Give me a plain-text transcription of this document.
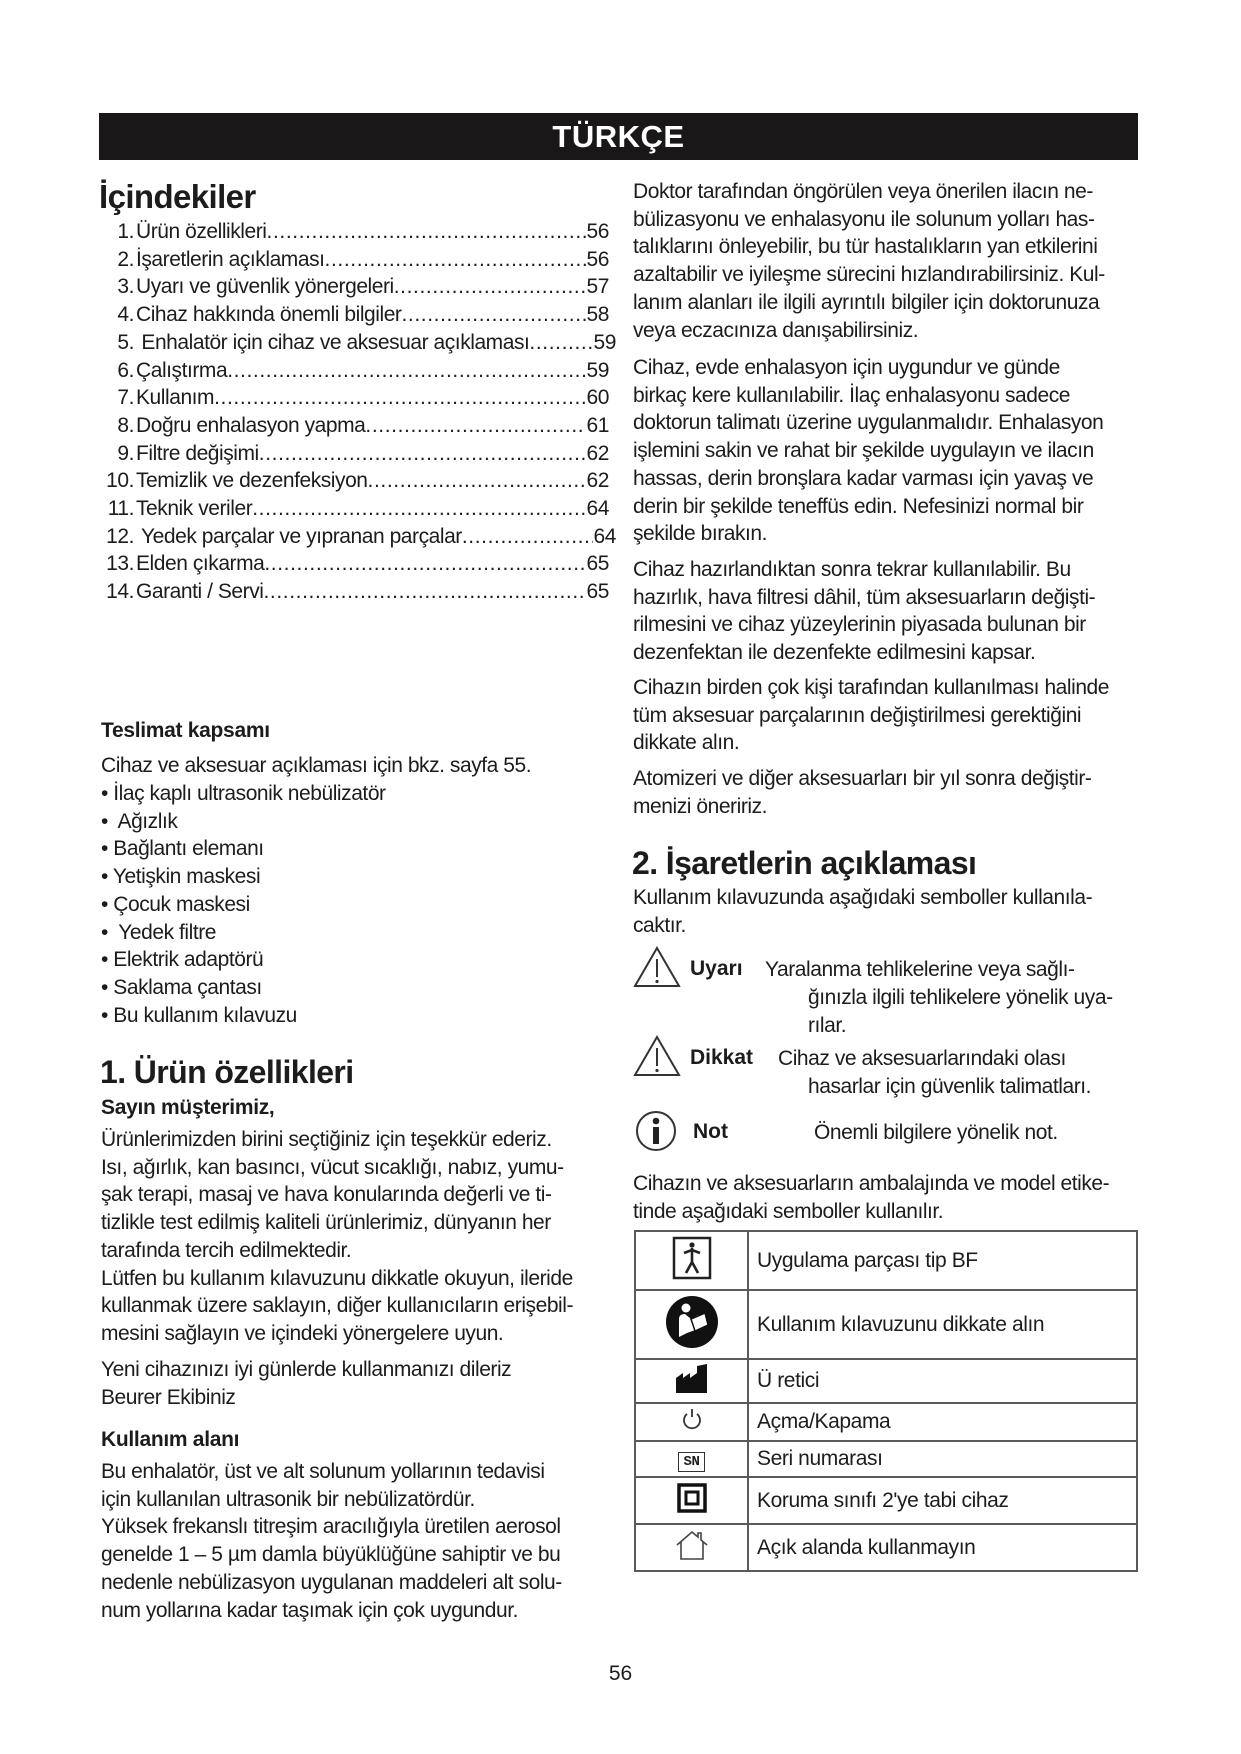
TÜRKÇE
İçindekiler
1. Ürün özellikleri .....	56
2. İşaretlerin açıklaması .....	56
3. Uyarı ve güvenlik yönergeleri .....	57
4. Cihaz hakkında önemli bilgiler .....	58
5. Enhalatör için cihaz ve aksesuar açıklaması .....	59
6. Çalıştırma .....	59
7. Kullanım .....	60
8. Doğru enhalasyon yapma .....	61
9. Filtre değişimi .....	62
10. Temizlik ve dezenfeksiyon .....	62
11. Teknik veriler .....	64
12. Yedek parçalar ve yıpranan parçalar .....	64
13. Elden çıkarma .....	65
14. Garanti / Servi .....	65
Teslimat kapsamı
Cihaz ve aksesuar açıklaması için bkz. sayfa 55.
• İlaç kaplı ultrasonik nebülizatör
•  Ağızlık
• Bağlantı elemanı
• Yetişkin maskesi
• Çocuk maskesi
•  Yedek filtre
• Elektrik adaptörü
• Saklama çantası
• Bu kullanım kılavuzu
1. Ürün özellikleri
Sayın müşterimiz,
Ürünlerimizden birini seçtiğiniz için teşekkür ederiz.
Isı, ağırlık, kan basıncı, vücut sıcaklığı, nabız, yumu-
şak terapi, masaj ve hava konularında değerli ve ti-
tizlikle test edilmiş kaliteli ürünlerimiz, dünyanın her
tarafında tercih edilmektedir.
Lütfen bu kullanım kılavuzunu dikkatle okuyun, ileride
kullanmak üzere saklayın, diğer kullanıcıların erişebil-
mesini sağlayın ve içindeki yönergelere uyun.
Yeni cihazınızı iyi günlerde kullanmanızı dileriz
Beurer Ekibiniz
Kullanım alanı
Bu enhalatör, üst ve alt solunum yollarının tedavisi
için kullanılan ultrasonik bir nebülizatördür.
Yüksek frekanslı titreşim aracılığıyla üretilen aerosol
genelde 1 – 5 µm damla büyüklüğüne sahiptir ve bu
nedenle nebülizasyon uygulanan maddeleri alt solu-
num yollarına kadar taşımak için çok uygundur.
Doktor tarafından öngörülen veya önerilen ilacın ne-
bülizasyonu ve enhalasyonu ile solunum yolları has-
talıklarını önleyebilir, bu tür hastalıkların yan etkilerini
azaltabilir ve iyileşme sürecini hızlandırabilirsiniz. Kul-
lanım alanları ile ilgili ayrıntılı bilgiler için doktorunuza
veya eczacınıza danışabilirsiniz.
Cihaz, evde enhalasyon için uygundur ve günde
birkaç kere kullanılabilir. İlaç enhalasyonu sadece
doktorun talimatı üzerine uygulanmalıdır. Enhalasyon
işlemini sakin ve rahat bir şekilde uygulayın ve ilacın
hassas, derin bronşlara kadar varması için yavaş ve
derin bir şekilde teneffüs edin. Nefesinizi normal bir
şekilde bırakın.
Cihaz hazırlandıktan sonra tekrar kullanılabilir. Bu
hazırlık, hava filtresi dâhil, tüm aksesuarların değişti-
rilmesini ve cihaz yüzeylerinin piyasada bulunan bir
dezenfektan ile dezenfekte edilmesini kapsar.
Cihazın birden çok kişi tarafından kullanılması halinde
tüm aksesuar parçalarının değiştirilmesi gerektiğini
dikkate alın.
Atomizeri ve diğer aksesuarları bir yıl sonra değiştir-
menizi öneririz.
2. İşaretlerin açıklaması
Kullanım kılavuzunda aşağıdaki semboller kullanıla-
caktır.
Uyarı Yaralanma tehlikelerine veya sağlı-
ğınızla ilgili tehlikelere yönelik uya-
rılar.
Dikkat Cihaz ve aksesuarlarındaki olası
hasarlar için güvenlik talimatları.
Not	Önemli bilgilere yönelik not.
Cihazın ve aksesuarların ambalajında ve model etike-
tinde aşağıdaki semboller kullanılır.
	Uygulama parçası tip BF
	Kullanım kılavuzunu dikkate alın
	Ü retici
	Açma/Kapama
SN	Seri numarası
	Koruma sınıfı 2'ye tabi cihaz
	Açık alanda kullanmayın
56
